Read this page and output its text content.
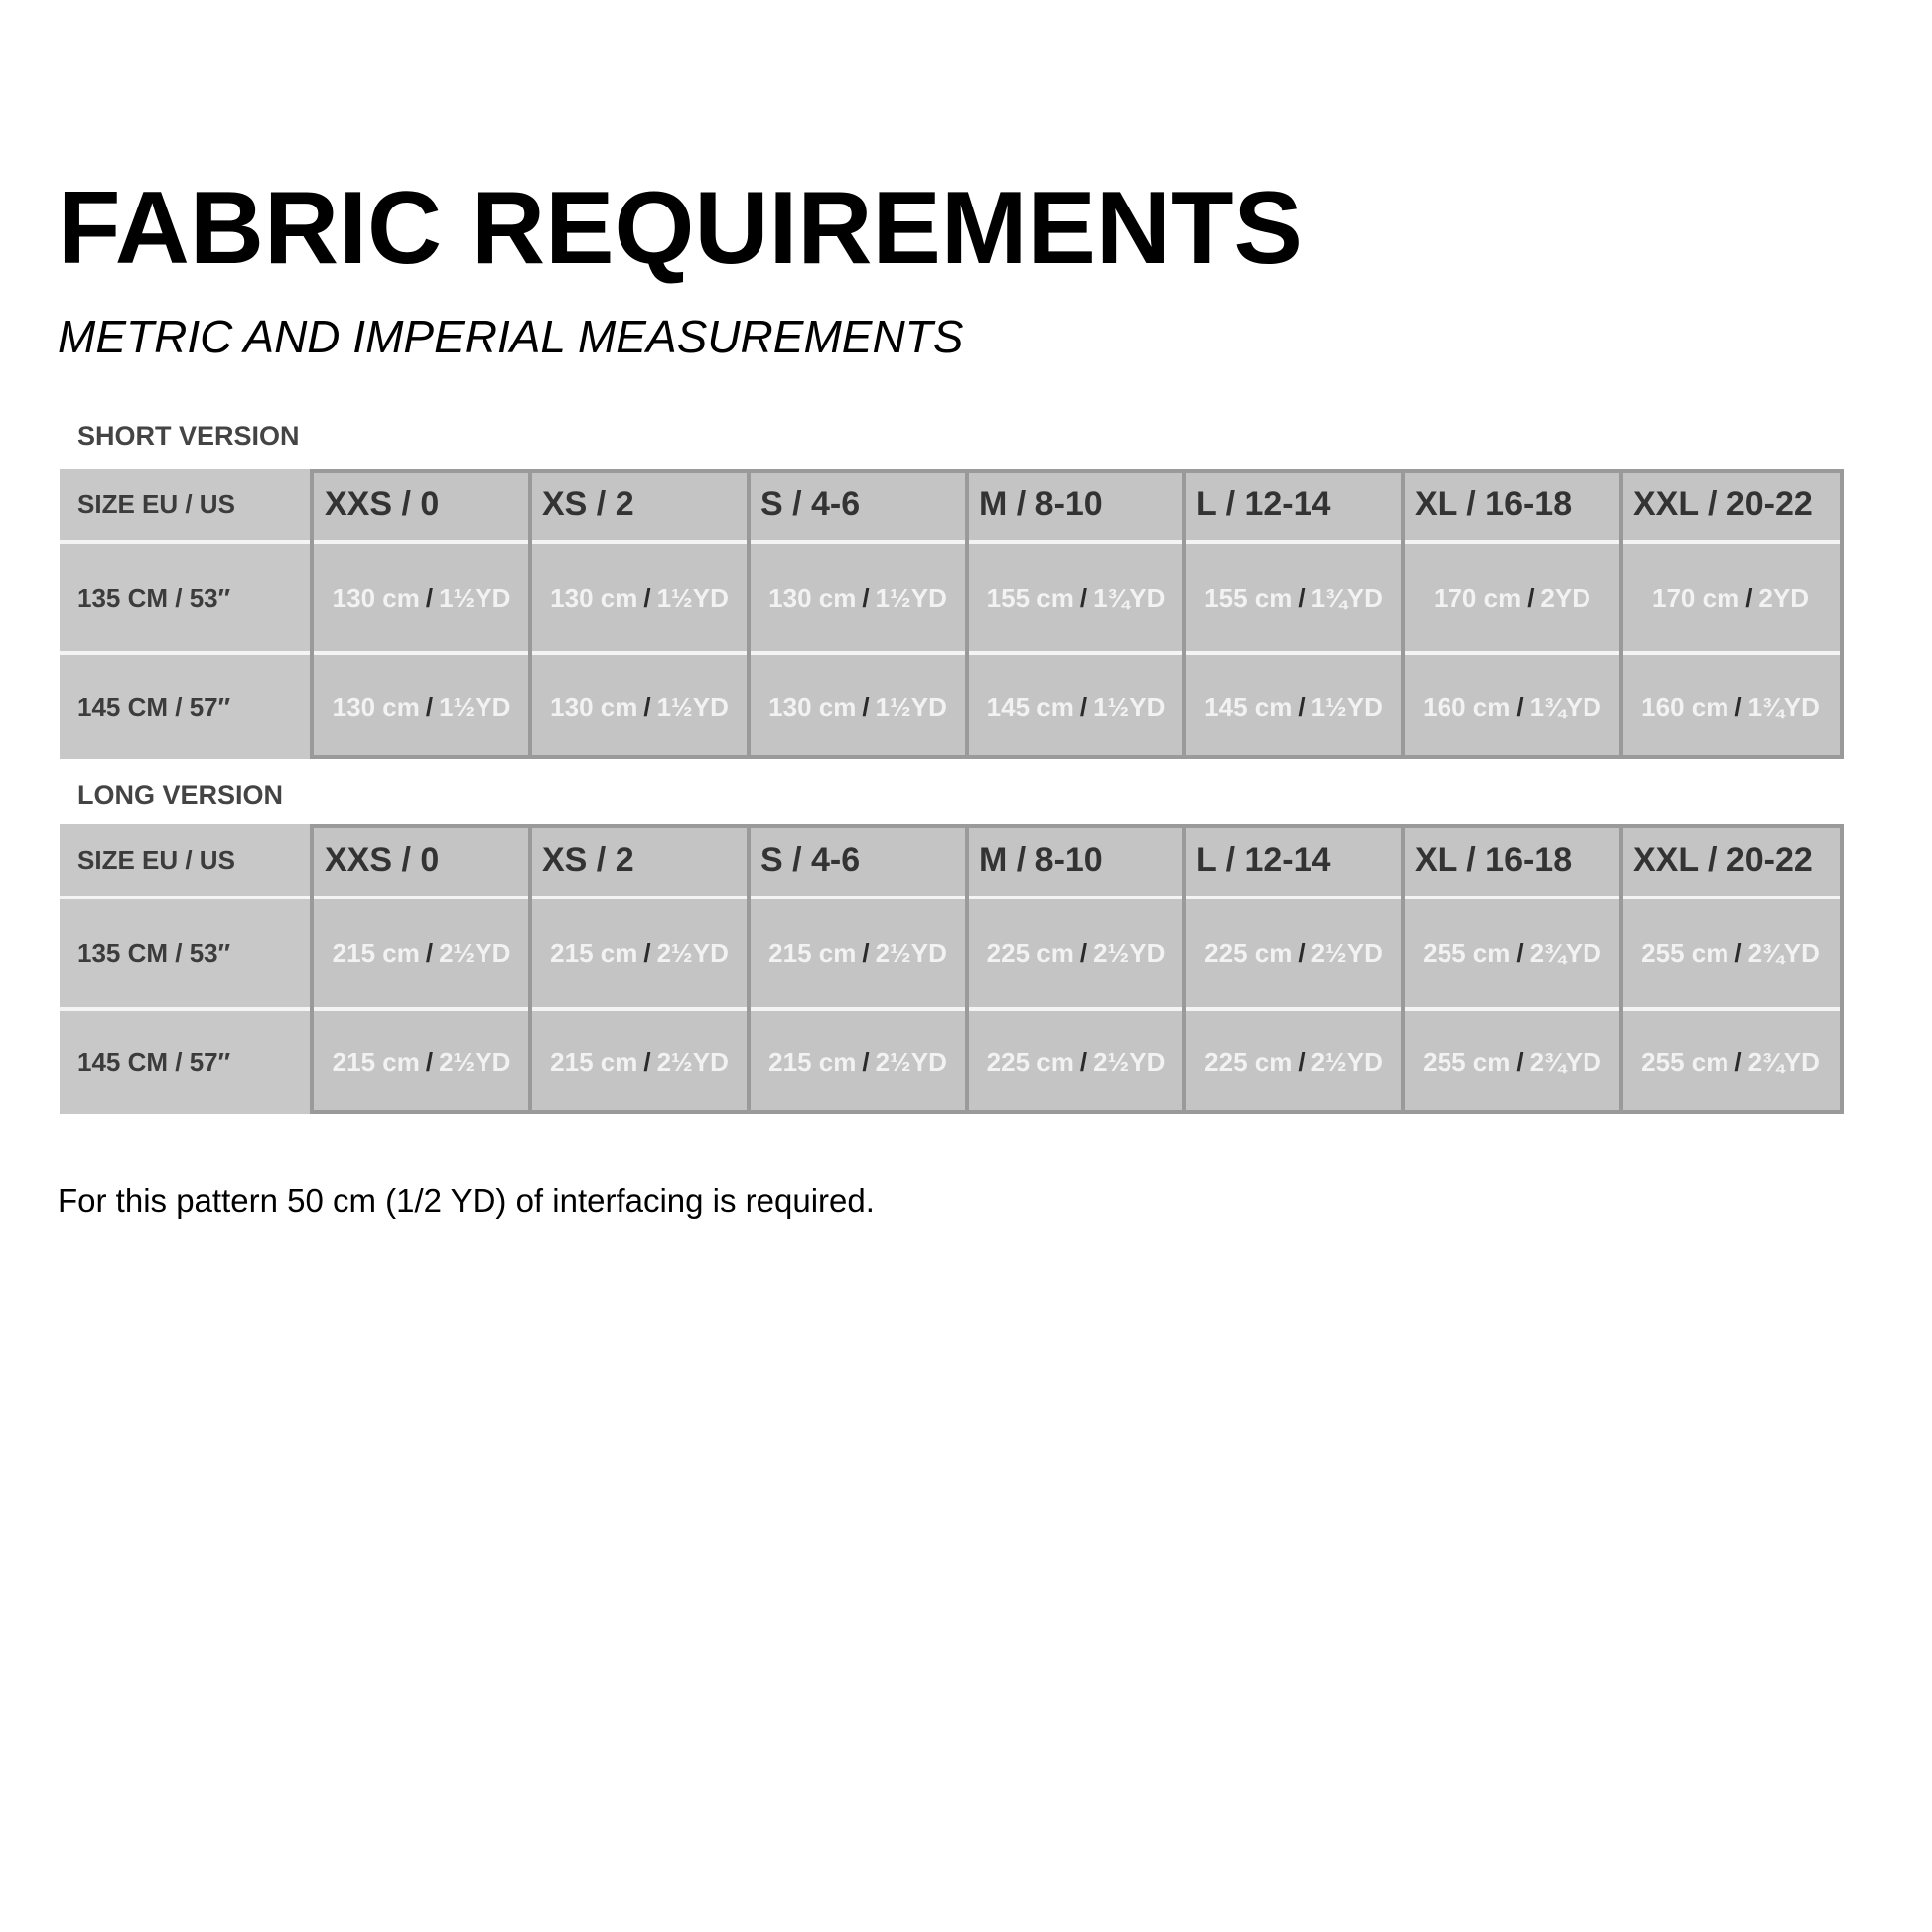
FABRIC REQUIREMENTS
METRIC AND IMPERIAL MEASUREMENTS
SHORT VERSION
SIZE EU / US	XXS / 0	XS / 2	S / 4-6	M / 8-10	L / 12-14	XL / 16-18	XXL / 20-22
135 CM / 53″	130 cm / 1½YD 130 cm / 1½YD 130 cm / 1½YD 155 cm / 1¾YD 155 cm / 1¾YD 170 cm / 2YD 170 cm / 2YD
145 CM / 57″	130 cm / 1½YD 130 cm / 1½YD 130 cm / 1½YD 145 cm / 1½YD 145 cm / 1½YD 160 cm / 1¾YD 160 cm / 1¾YD
LONG VERSION
SIZE EU / US	XXS / 0	XS / 2	S / 4-6	M / 8-10	L / 12-14	XL / 16-18	XXL / 20-22
135 CM / 53″	215 cm / 2½YD 215 cm / 2½YD 215 cm / 2½YD 225 cm / 2½YD 225 cm / 2½YD 255 cm / 2¾YD 255 cm / 2¾YD
145 CM / 57″	215 cm / 2½YD 215 cm / 2½YD 215 cm / 2½YD 225 cm / 2½YD 225 cm / 2½YD 255 cm / 2¾YD 255 cm / 2¾YD
For this pattern 50 cm (1/2 YD) of interfacing is required.
